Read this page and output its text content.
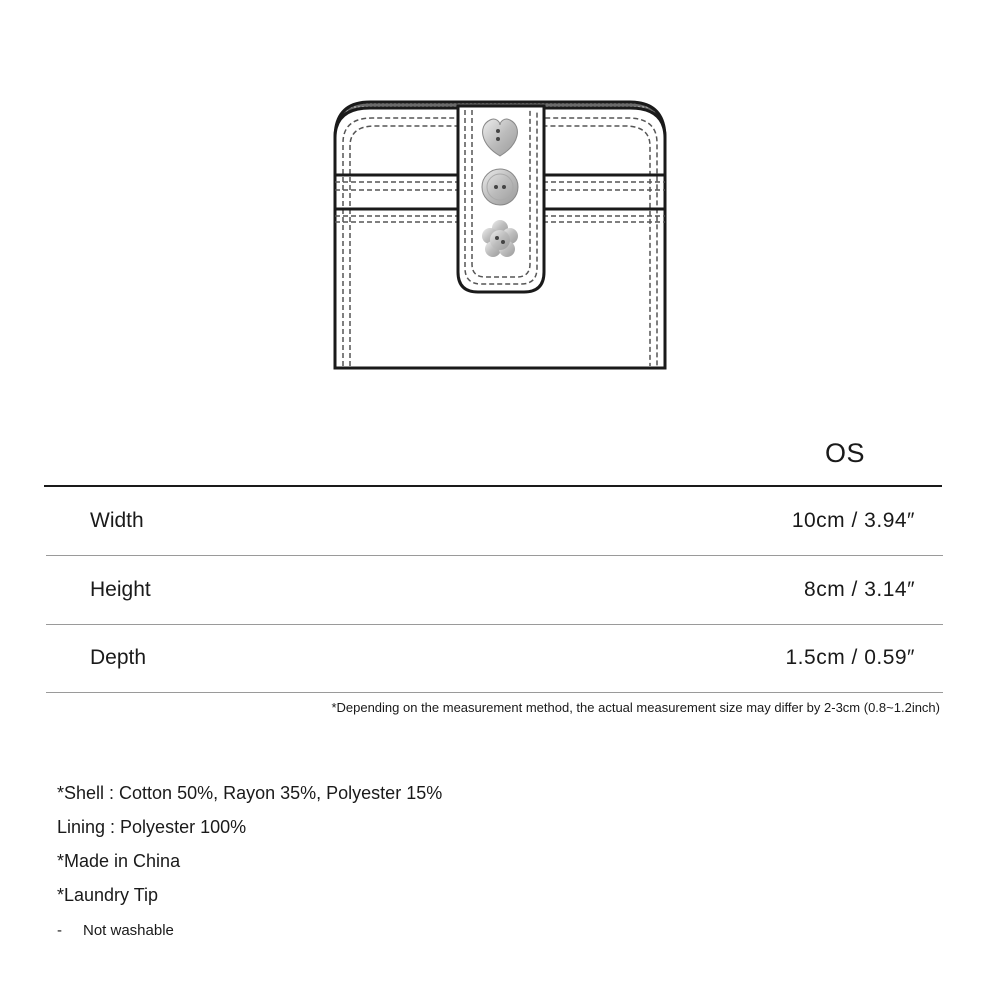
OS
Width	10cm / 3.94″
Height	8cm / 3.14″
Depth	1.5cm / 0.59″
*Depending on the measurement method, the actual measurement size may differ by 2-3cm (0.8~1.2inch)
*Shell : Cotton 50%, Rayon 35%, Polyester 15%
Lining : Polyester 100%
*Made in China
*Laundry Tip
- Not washable
